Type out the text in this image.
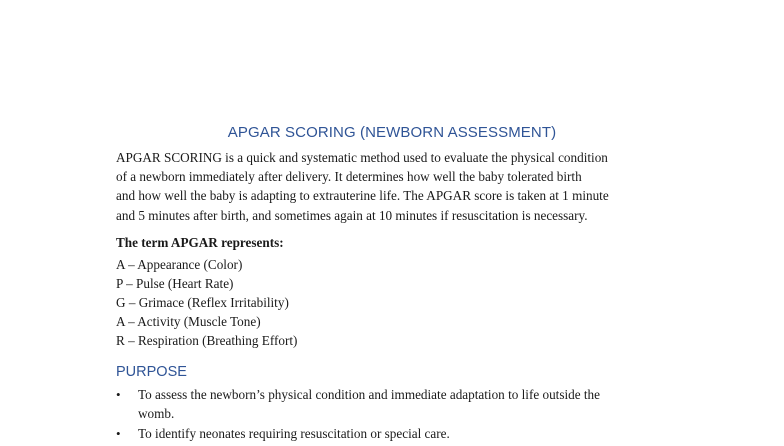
APGAR SCORING (NEWBORN ASSESSMENT)
APGAR SCORING is a quick and systematic method used to evaluate the physical condition
of a newborn immediately after delivery. It determines how well the baby tolerated birth
and how well the baby is adapting to extrauterine life. The APGAR score is taken at 1 minute
and 5 minutes after birth, and sometimes again at 10 minutes if resuscitation is necessary.

The term APGAR represents:

A – Appearance (Color)
P – Pulse (Heart Rate)
G – Grimace (Reflex Irritability)
A – Activity (Muscle Tone)
R – Respiration (Breathing Effort)
PURPOSE
• To assess the newborn’s physical condition and immediate adaptation to life outside the
womb.
• To identify neonates requiring resuscitation or special care.
